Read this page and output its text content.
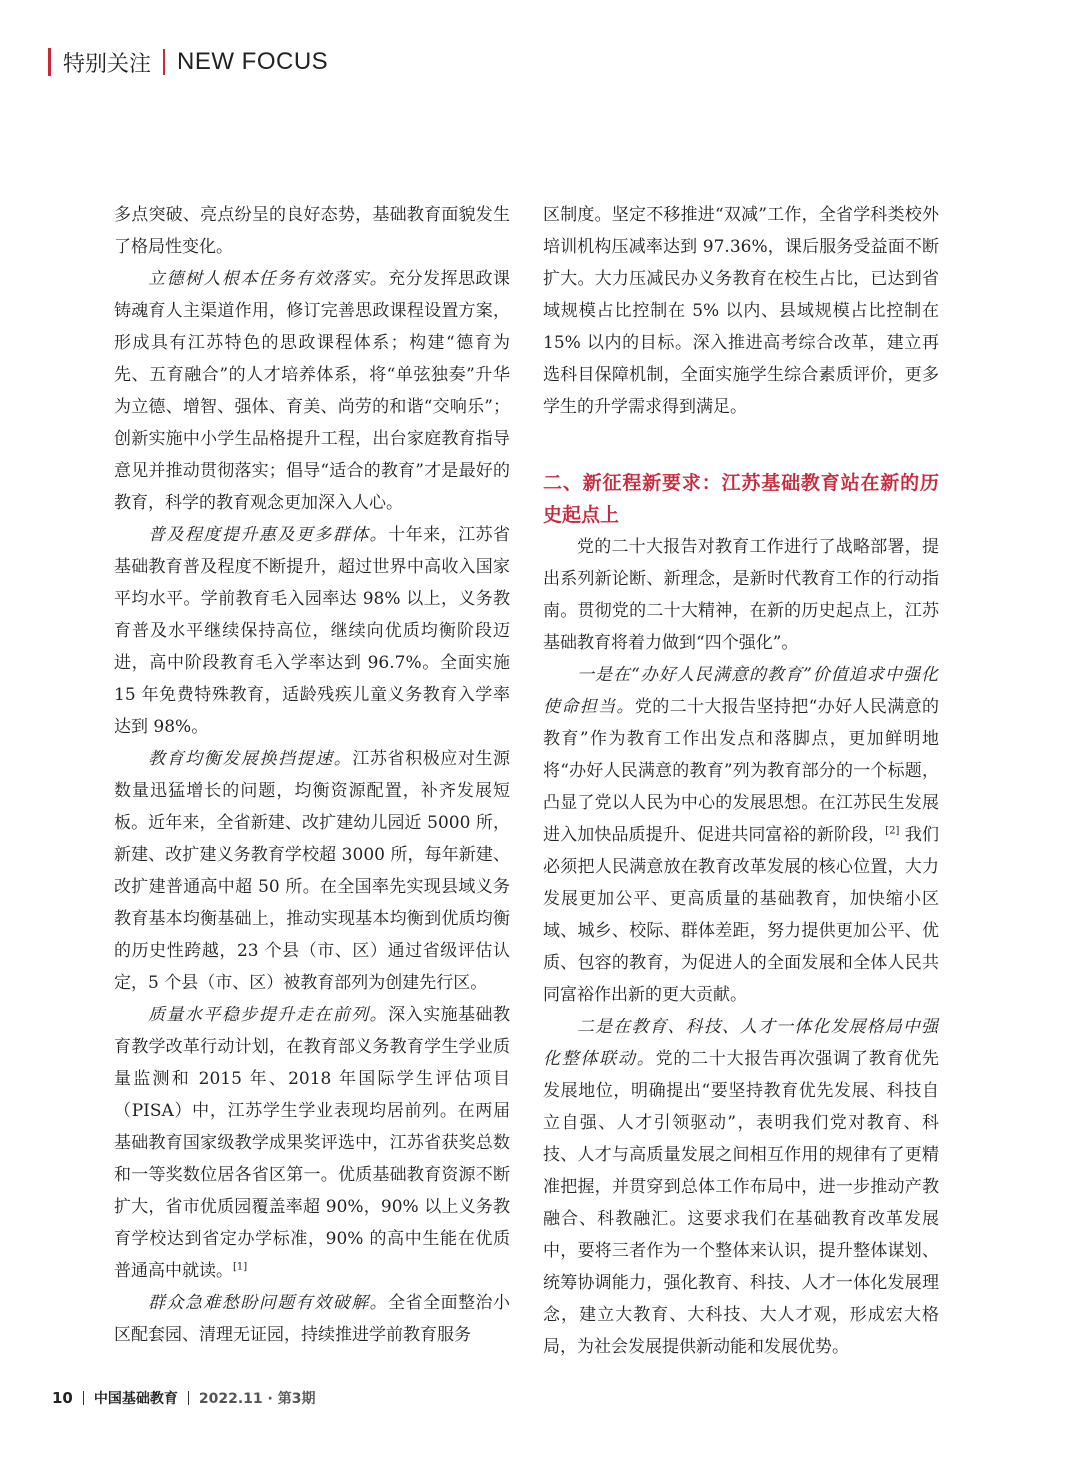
特别关注 NEW FOCUS

多点突破、亮点纷呈的良好态势，基础教育面貌发生了格局性变化。

立德树人根本任务有效落实。充分发挥思政课铸魂育人主渠道作用，修订完善思政课程设置方案，形成具有江苏特色的思政课程体系；构建“德育为先、五育融合”的人才培养体系，将“单弦独奏”升华为立德、增智、强体、育美、尚劳的和谐“交响乐”；创新实施中小学生品格提升工程，出台家庭教育指导意见并推动贯彻落实；倡导“适合的教育”才是最好的教育，科学的教育观念更加深入人心。

普及程度提升惠及更多群体。十年来，江苏省基础教育普及程度不断提升，超过世界中高收入国家平均水平。学前教育毛入园率达 98% 以上，义务教育普及水平继续保持高位，继续向优质均衡阶段迈进，高中阶段教育毛入学率达到 96.7%。全面实施 15 年免费特殊教育，适龄残疾儿童义务教育入学率达到 98%。

教育均衡发展换挡提速。江苏省积极应对生源数量迅猛增长的问题，均衡资源配置，补齐发展短板。近年来，全省新建、改扩建幼儿园近 5000 所，新建、改扩建义务教育学校超 3000 所，每年新建、改扩建普通高中超 50 所。在全国率先实现县域义务教育基本均衡基础上，推动实现基本均衡到优质均衡的历史性跨越，23 个县（市、区）通过省级评估认定，5 个县（市、区）被教育部列为创建先行区。

质量水平稳步提升走在前列。深入实施基础教育教学改革行动计划，在教育部义务教育学生学业质量监测和 2015 年、2018 年国际学生评估项目（PISA）中，江苏学生学业表现均居前列。在两届基础教育国家级教学成果奖评选中，江苏省获奖总数和一等奖数位居各省区第一。优质基础教育资源不断扩大，省市优质园覆盖率超 90%，90% 以上义务教育学校达到省定办学标准，90% 的高中生能在优质普通高中就读。[1]

群众急难愁盼问题有效破解。全省全面整治小区配套园、清理无证园，持续推进学前教育服务

区制度。坚定不移推进“双减”工作，全省学科类校外培训机构压减率达到 97.36%，课后服务受益面不断扩大。大力压减民办义务教育在校生占比，已达到省域规模占比控制在 5% 以内、县域规模占比控制在 15% 以内的目标。深入推进高考综合改革，建立再选科目保障机制，全面实施学生综合素质评价，更多学生的升学需求得到满足。

二、新征程新要求：江苏基础教育站在新的历史起点上

党的二十大报告对教育工作进行了战略部署，提出系列新论断、新理念，是新时代教育工作的行动指南。贯彻党的二十大精神，在新的历史起点上，江苏基础教育将着力做到“四个强化”。

一是在“办好人民满意的教育”价值追求中强化使命担当。党的二十大报告坚持把“办好人民满意的教育”作为教育工作出发点和落脚点，更加鲜明地将“办好人民满意的教育”列为教育部分的一个标题，凸显了党以人民为中心的发展思想。在江苏民生发展进入加快品质提升、促进共同富裕的新阶段，[2] 我们必须把人民满意放在教育改革发展的核心位置，大力发展更加公平、更高质量的基础教育，加快缩小区域、城乡、校际、群体差距，努力提供更加公平、优质、包容的教育，为促进人的全面发展和全体人民共同富裕作出新的更大贡献。

二是在教育、科技、人才一体化发展格局中强化整体联动。党的二十大报告再次强调了教育优先发展地位，明确提出“要坚持教育优先发展、科技自立自强、人才引领驱动”，表明我们党对教育、科技、人才与高质量发展之间相互作用的规律有了更精准把握，并贯穿到总体工作布局中，进一步推动产教融合、科教融汇。这要求我们在基础教育改革发展中，要将三者作为一个整体来认识，提升整体谋划、统筹协调能力，强化教育、科技、人才一体化发展理念，建立大教育、大科技、大人才观，形成宏大格局，为社会发展提供新动能和发展优势。

10 中国基础教育 2022.11 · 第3期
